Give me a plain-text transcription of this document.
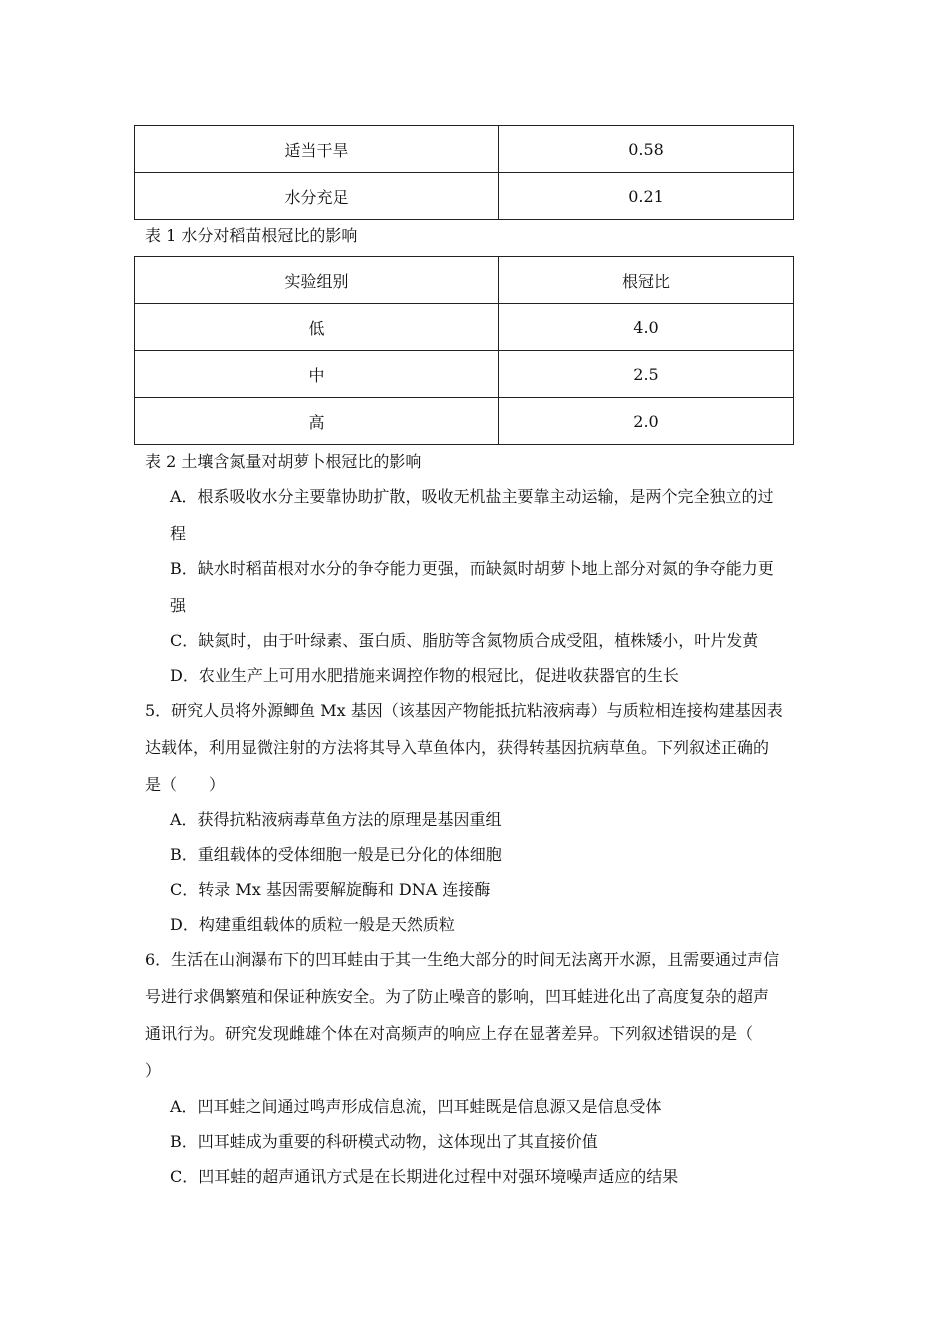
适当干旱	0.58
水分充足	0.21
表 1 水分对稻苗根冠比的影响
实验组别	根冠比
低	4.0
中	2.5
高	2.0
表 2 土壤含氮量对胡萝卜根冠比的影响
A．根系吸收水分主要靠协助扩散，吸收无机盐主要靠主动运输，是两个完全独立的过
程
B．缺水时稻苗根对水分的争夺能力更强，而缺氮时胡萝卜地上部分对氮的争夺能力更
强
C．缺氮时，由于叶绿素、蛋白质、脂肪等含氮物质合成受阻，植株矮小，叶片发黄
D．农业生产上可用水肥措施来调控作物的根冠比，促进收获器官的生长
5．研究人员将外源鲫鱼 Mx 基因（该基因产物能抵抗粘液病毒）与质粒相连接构建基因表
达载体，利用显微注射的方法将其导入草鱼体内，获得转基因抗病草鱼。下列叙述正确的
是（　　）
A．获得抗粘液病毒草鱼方法的原理是基因重组
B．重组载体的受体细胞一般是已分化的体细胞
C．转录 Mx 基因需要解旋酶和 DNA 连接酶
D．构建重组载体的质粒一般是天然质粒
6．生活在山涧瀑布下的凹耳蛙由于其一生绝大部分的时间无法离开水源，且需要通过声信
号进行求偶繁殖和保证种族安全。为了防止噪音的影响，凹耳蛙进化出了高度复杂的超声
通讯行为。研究发现雌雄个体在对高频声的响应上存在显著差异。下列叙述错误的是（
）
A．凹耳蛙之间通过鸣声形成信息流，凹耳蛙既是信息源又是信息受体
B．凹耳蛙成为重要的科研模式动物，这体现出了其直接价值
C．凹耳蛙的超声通讯方式是在长期进化过程中对强环境噪声适应的结果
